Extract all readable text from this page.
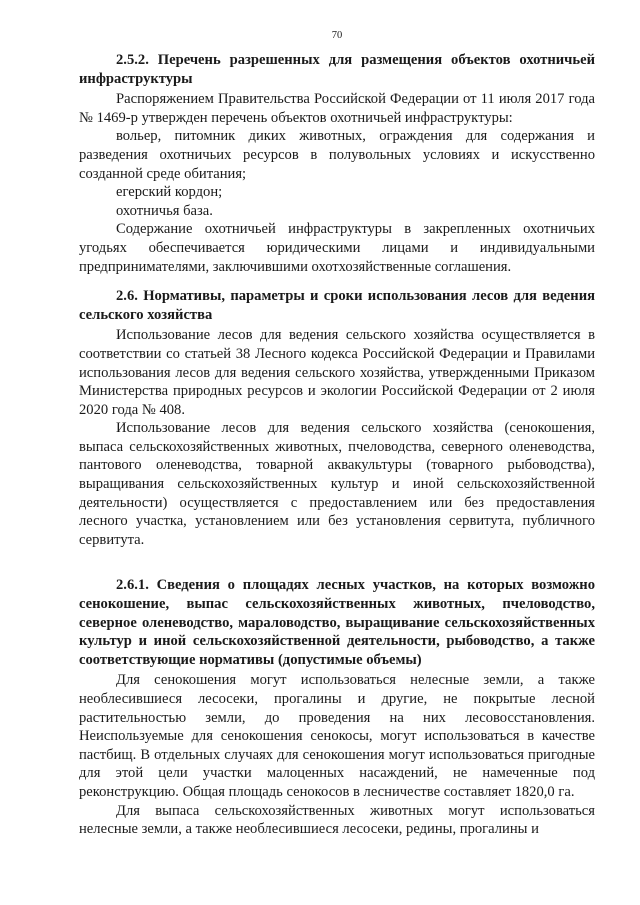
70
2.5.2. Перечень разрешенных для размещения объектов охотничьей инфраструктуры

Распоряжением Правительства Российской Федерации от 11 июля 2017 года № 1469-р утвержден перечень объектов охотничьей инфраструктуры:

вольер, питомник диких животных, ограждения для содержания и разведения охотничьих ресурсов в полувольных условиях и искусственно созданной среде обитания;

егерский кордон;

охотничья база.

Содержание охотничьей инфраструктуры в закрепленных охотничьих угодьях обеспечивается юридическими лицами и индивидуальными предпринимателями, заключившими охотхозяйственные соглашения.

2.6. Нормативы, параметры и сроки использования лесов для ведения сельского хозяйства

Использование лесов для ведения сельского хозяйства осуществляется в соответствии со статьей 38 Лесного кодекса Российской Федерации и Правилами использования лесов для ведения сельского хозяйства, утвержденными Приказом Министерства природных ресурсов и экологии Российской Федерации от 2 июля 2020 года № 408.

Использование лесов для ведения сельского хозяйства (сенокошения, выпаса сельскохозяйственных животных, пчеловодства, северного оленеводства, пантового оленеводства, товарной аквакультуры (товарного рыбоводства), выращивания сельскохозяйственных культур и иной сельскохозяйственной деятельности) осуществляется с предоставлением или без предоставления лесного участка, установлением или без установления сервитута, публичного сервитута.

2.6.1. Сведения о площадях лесных участков, на которых возможно сенокошение, выпас сельскохозяйственных животных, пчеловодство, северное оленеводство, мараловодство, выращивание сельскохозяйственных культур и иной сельскохозяйственной деятельности, рыбоводство, а также соответствующие нормативы (допустимые объемы)

Для сенокошения могут использоваться нелесные земли, а также необлесившиеся лесосеки, прогалины и другие, не покрытые лесной растительностью земли, до проведения на них лесовосстановления. Неиспользуемые для сенокошения сенокосы, могут использоваться в качестве пастбищ. В отдельных случаях для сенокошения могут использоваться пригодные для этой цели участки малоценных насаждений, не намеченные под реконструкцию. Общая площадь сенокосов в лесничестве составляет 1820,0 га.

Для выпаса сельскохозяйственных животных могут использоваться нелесные земли, а также необлесившиеся лесосеки, редины, прогалины и
